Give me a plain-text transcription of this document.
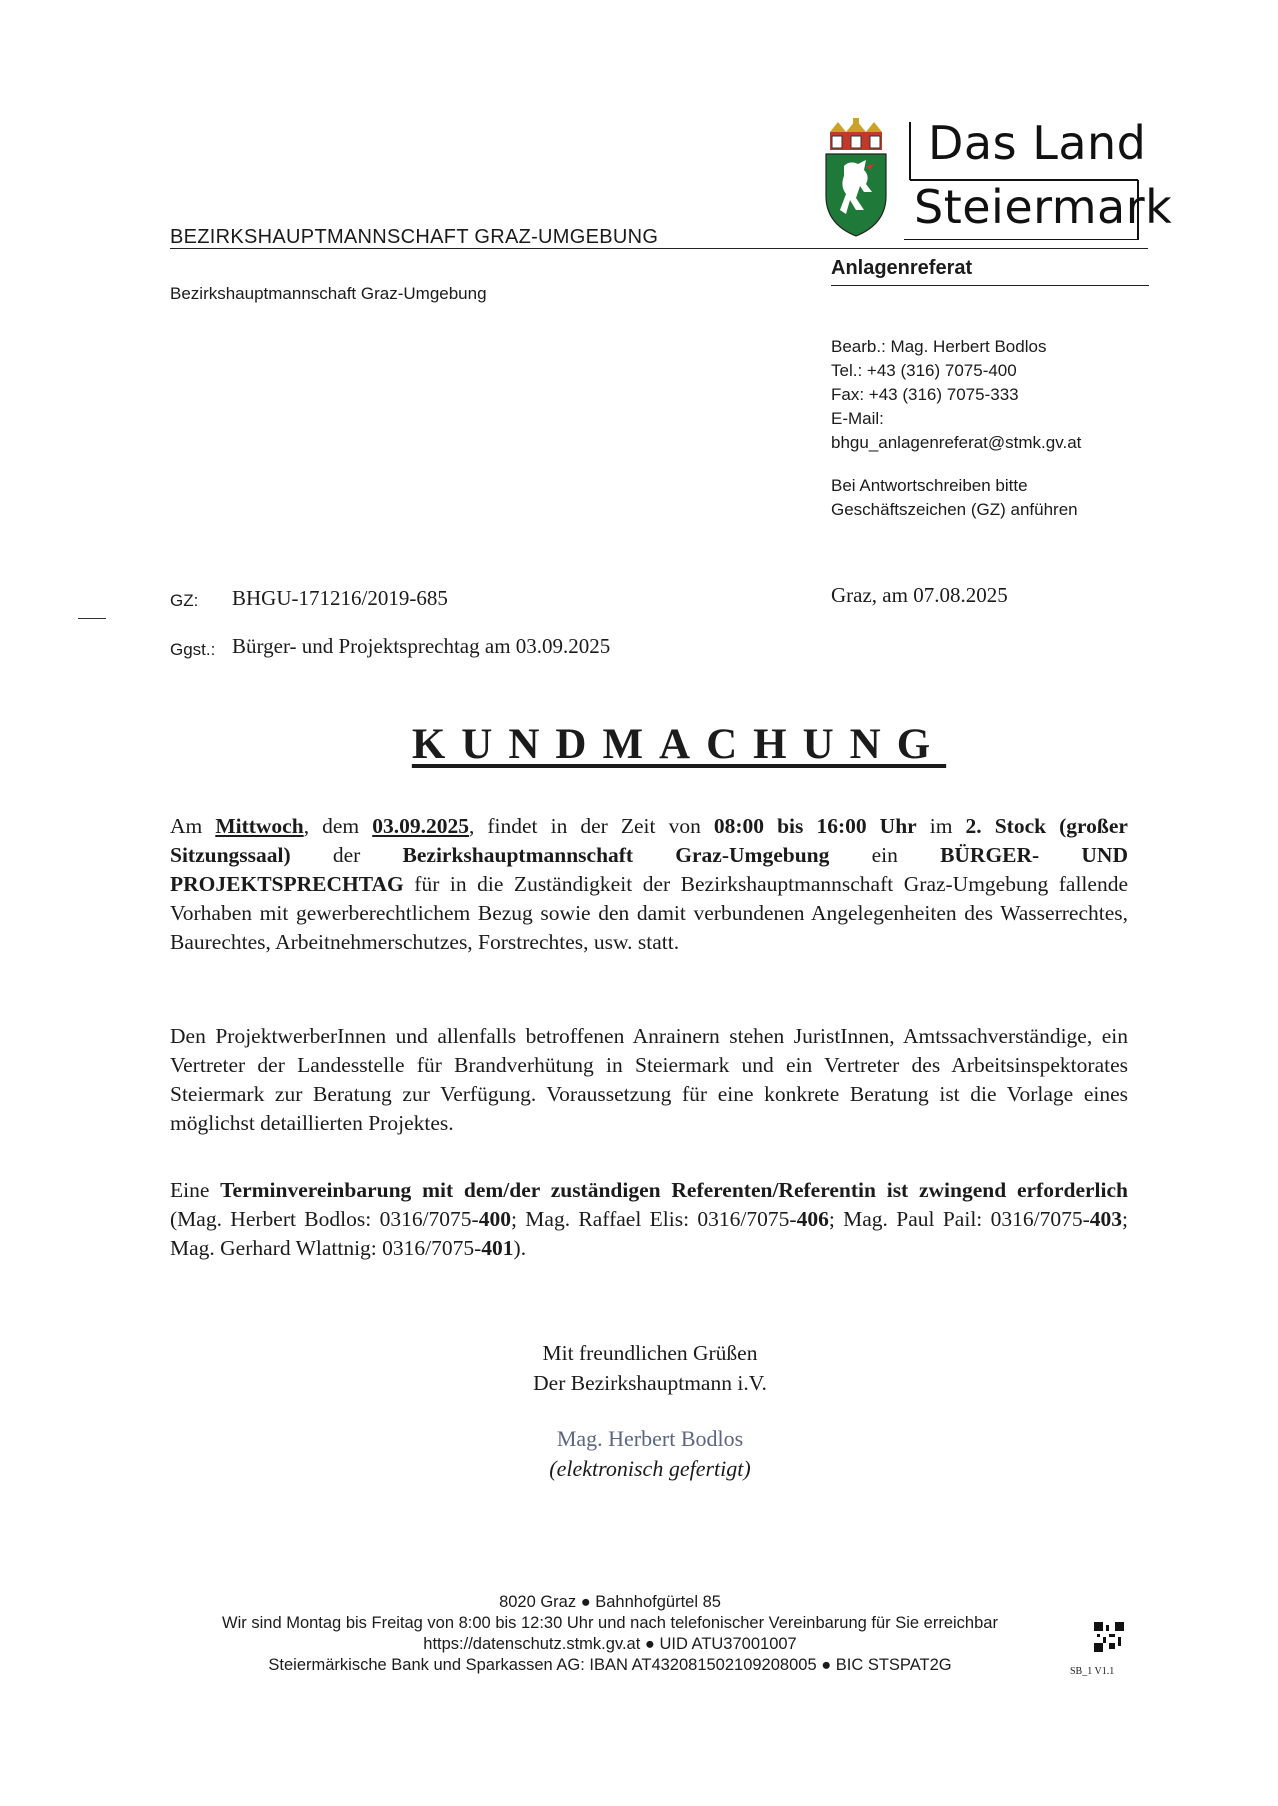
BEZIRKSHAUPTMANNSCHAFT GRAZ-UMGEBUNG
Bezirkshauptmannschaft Graz-Umgebung
Das Land
Steiermark
Anlagenreferat
Bearb.: Mag. Herbert Bodlos
Tel.: +43 (316) 7075-400
Fax: +43 (316) 7075-333
E-Mail:
bhgu_anlagenreferat@stmk.gv.at
Bei Antwortschreiben bitte
Geschäftszeichen (GZ) anführen
GZ: BHGU-171216/2019-685	Graz, am 07.08.2025
Ggst.: Bürger- und Projektsprechtag am 03.09.2025
KUNDMACHUNG
Am Mittwoch, dem 03.09.2025, findet in der Zeit von 08:00 bis 16:00 Uhr im 2. Stock (großer Sitzungssaal) der Bezirkshauptmannschaft Graz-Umgebung ein BÜRGER- UND PROJEKTSPRECHTAG für in die Zuständigkeit der Bezirkshauptmannschaft Graz-Umgebung fallende Vorhaben mit gewerberechtlichem Bezug sowie den damit verbundenen Angelegenheiten des Wasserrechtes, Baurechtes, Arbeitnehmerschutzes, Forstrechtes, usw. statt.
Den ProjektwerberInnen und allenfalls betroffenen Anrainern stehen JuristInnen, Amtssachverständige, ein Vertreter der Landesstelle für Brandverhütung in Steiermark und ein Vertreter des Arbeitsinspektorates Steiermark zur Beratung zur Verfügung. Voraussetzung für eine konkrete Beratung ist die Vorlage eines möglichst detaillierten Projektes.
Eine Terminvereinbarung mit dem/der zuständigen Referenten/Referentin ist zwingend erforderlich (Mag. Herbert Bodlos: 0316/7075-400; Mag. Raffael Elis: 0316/7075-406; Mag. Paul Pail: 0316/7075-403; Mag. Gerhard Wlattnig: 0316/7075-401).
Mit freundlichen Grüßen
Der Bezirkshauptmann i.V.
Mag. Herbert Bodlos
(elektronisch gefertigt)
8020 Graz ● Bahnhofgürtel 85
Wir sind Montag bis Freitag von 8:00 bis 12:30 Uhr und nach telefonischer Vereinbarung für Sie erreichbar
https://datenschutz.stmk.gv.at ● UID ATU37001007
Steiermärkische Bank und Sparkassen AG: IBAN AT432081502109208005 ● BIC STSPAT2G	SB_1 V1.1
